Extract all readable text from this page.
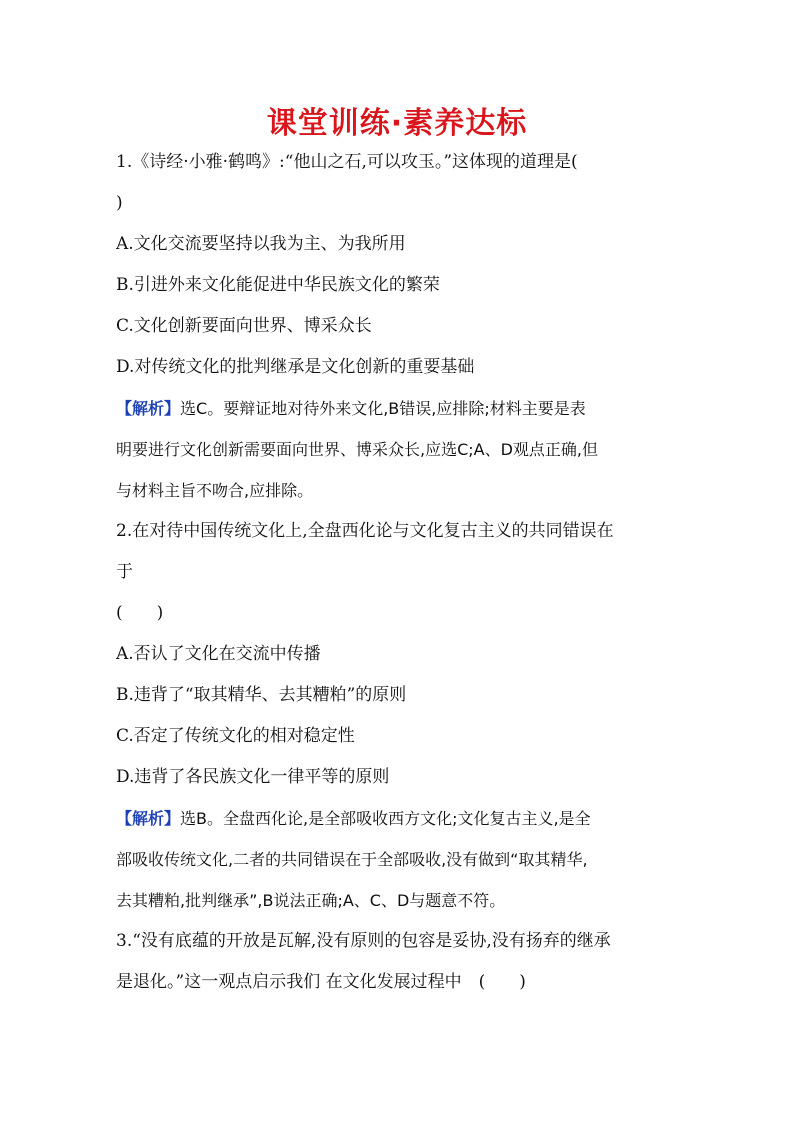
课堂训练·素养达标
1.《诗经·小雅·鹤鸣》:“他山之石,可以攻玉。”这体现的道理是(
)
A.文化交流要坚持以我为主、为我所用
B.引进外来文化能促进中华民族文化的繁荣
C.文化创新要面向世界、博采众长
D.对传统文化的批判继承是文化创新的重要基础
【解析】选C。要辩证地对待外来文化,B错误,应排除;材料主要是表
明要进行文化创新需要面向世界、博采众长,应选C;A、D观点正确,但
与材料主旨不吻合,应排除。
2.在对待中国传统文化上,全盘西化论与文化复古主义的共同错误在
于
(　　)
A.否认了文化在交流中传播
B.违背了“取其精华、去其糟粕”的原则
C.否定了传统文化的相对稳定性
D.违背了各民族文化一律平等的原则
【解析】选B。全盘西化论,是全部吸收西方文化;文化复古主义,是全
部吸收传统文化,二者的共同错误在于全部吸收,没有做到“取其精华,
去其糟粕,批判继承”,B说法正确;A、C、D与题意不符。
3.“没有底蕴的开放是瓦解,没有原则的包容是妥协,没有扬弃的继承
是退化。”这一观点启示我们 在文化发展过程中　(　　)
